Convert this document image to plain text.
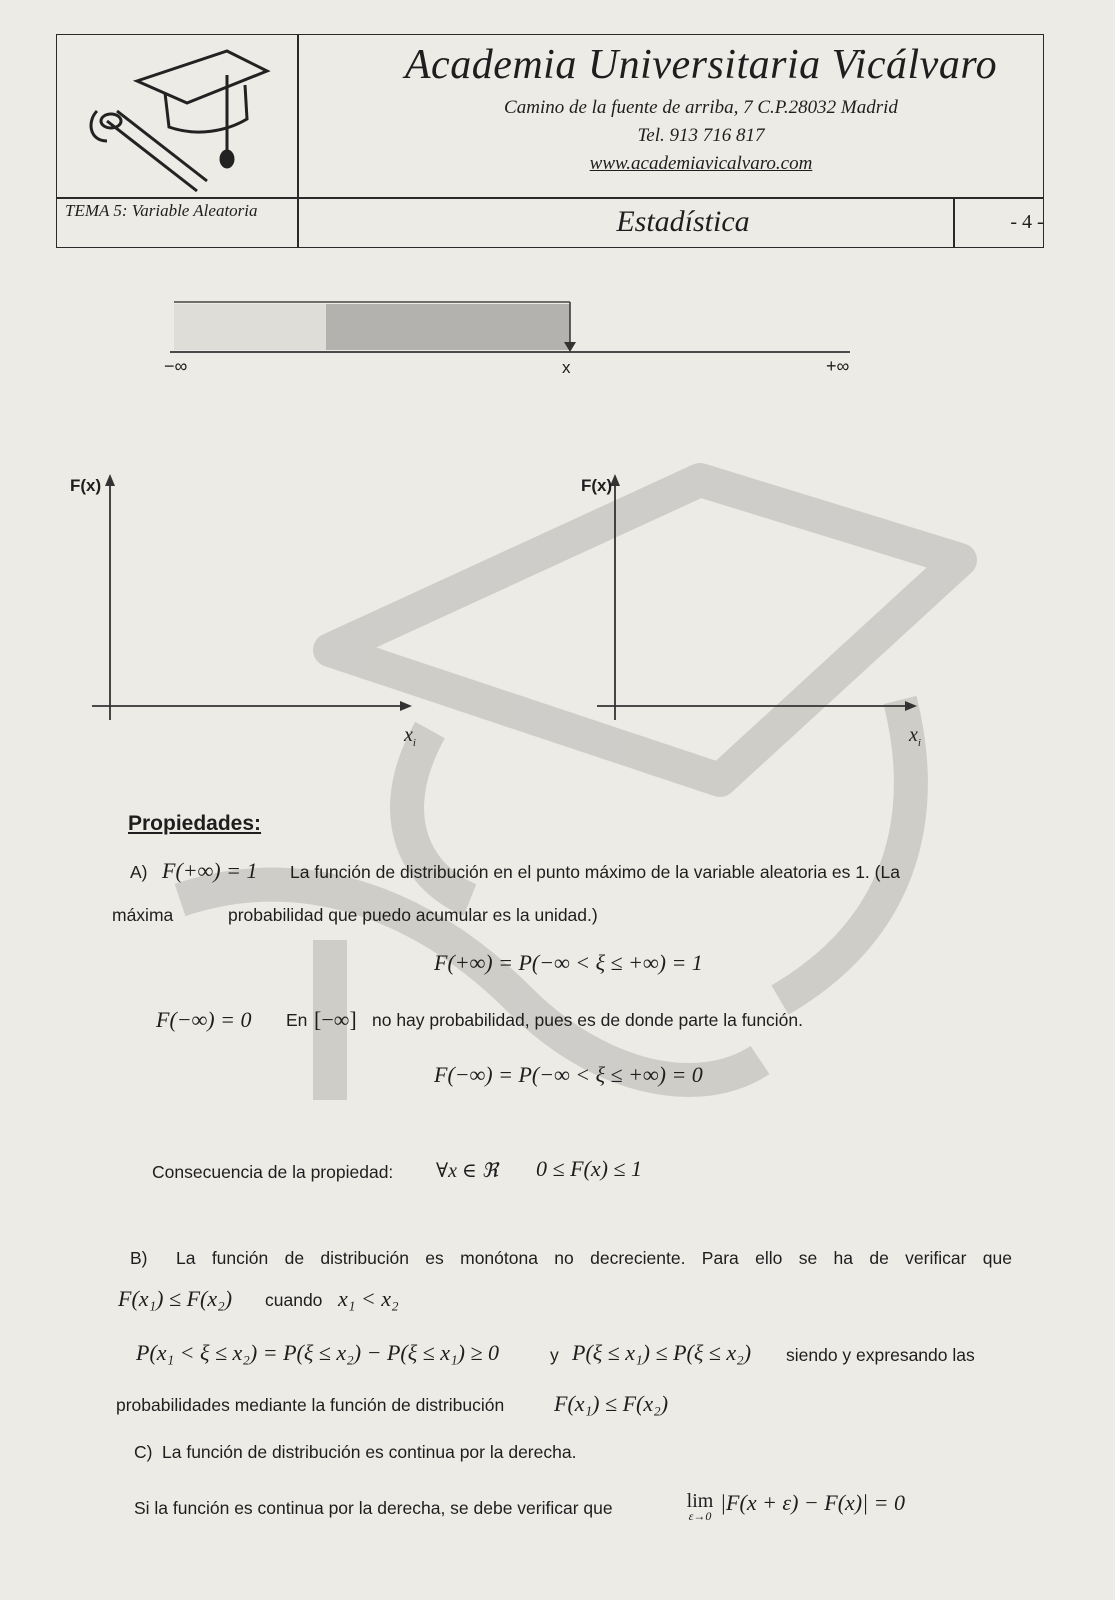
Academia Universitaria Vicálvaro
Camino de la fuente de arriba, 7 C.P.28032 Madrid
Tel. 913 716 817
www.academiavicalvaro.com
TEMA 5: Variable Aleatoria	Estadística	- 4 -
−∞	x	+∞
F(x)
$x_i$
F(x)
$x_i$
Propiedades:
A) F(+∞) = 1 La función de distribución en el punto máximo de la variable aleatoria es 1. (La
máxima	probabilidad que puedo acumular es la unidad.)
F(+∞) = P(−∞ < ξ ≤ +∞) = 1
F(−∞) = 0 En [−∞] no hay probabilidad, pues es de donde parte la función.
F(−∞) = P(−∞ < ξ ≤ +∞) = 0
Consecuencia de la propiedad: ∀x ∈ ℜ 0 ≤ F(x) ≤ 1
B) La función de distribución es monótona no decreciente. Para ello se ha de verificar que
F(x₁) ≤ F(x₂) cuando x₁ < x₂
P(x₁ < ξ ≤ x₂) = P(ξ ≤ x₂) − P(ξ ≤ x₁) ≥ 0	y P(ξ ≤ x₁) ≤ P(ξ ≤ x₂) siendo y expresando las
probabilidades mediante la función de distribución F(x₁) ≤ F(x₂)
C) La función de distribución es continua por la derecha.
Si la función es continua por la derecha, se debe verificar que	lim
ε→0
|F(x + ε) − F(x)| = 0
